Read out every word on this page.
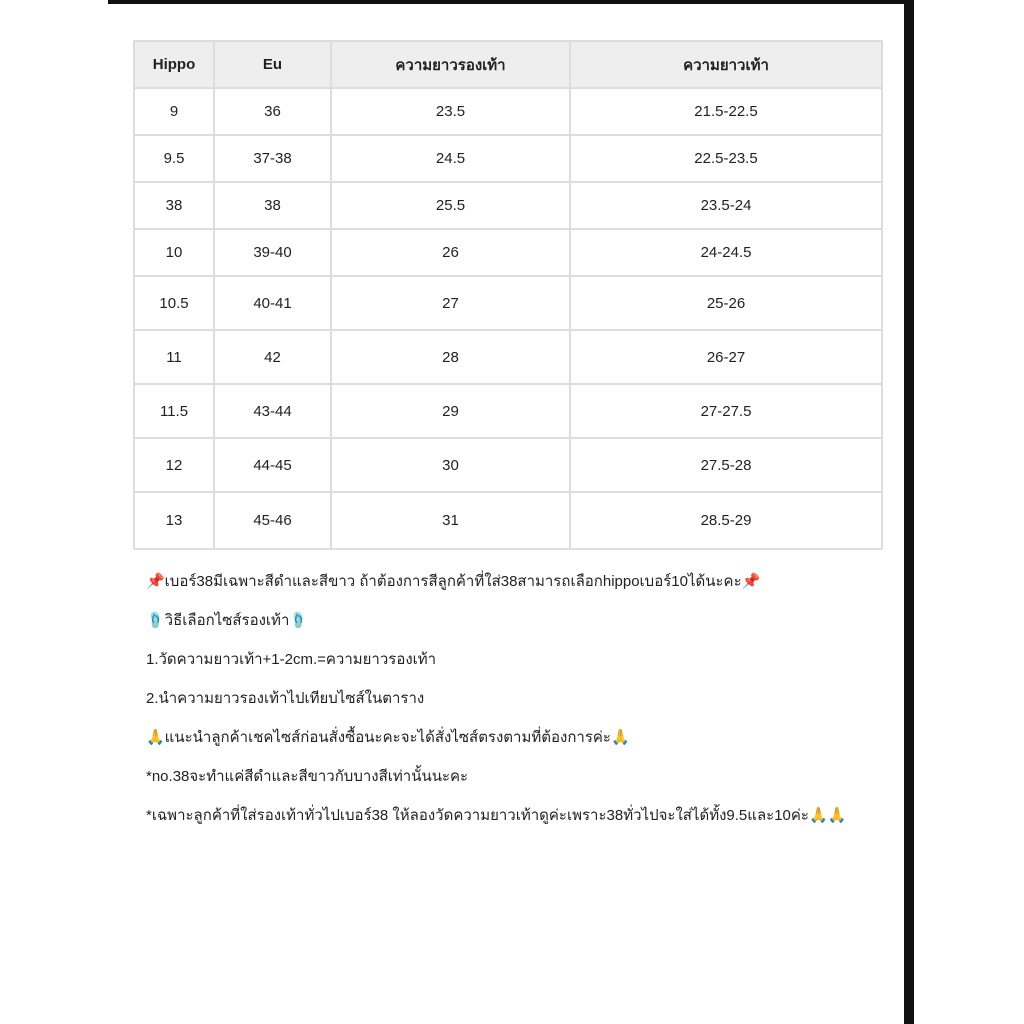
Hippo	Eu	ความยาวรองเท้า	ความยาวเท้า
9	36	23.5	21.5-22.5
9.5	37-38	24.5	22.5-23.5
38	38	25.5	23.5-24
10	39-40	26	24-24.5
10.5	40-41	27	25-26
11	42	28	26-27
11.5	43-44	29	27-27.5
12	44-45	30	27.5-28
13	45-46	31	28.5-29
📌เบอร์38มีเฉพาะสีดำและสีขาว ถ้าต้องการสีลูกค้าที่ใส่38สามารถเลือกhippoเบอร์10ได้นะคะ📌
🩴วิธีเลือกไซส์รองเท้า🩴
1.วัดความยาวเท้า+1-2cm.=ความยาวรองเท้า
2.นำความยาวรองเท้าไปเทียบไซส์ในตาราง
🙏แนะนำลูกค้าเชคไซส์ก่อนสั่งซื้อนะคะจะได้สั่งไซส์ตรงตามที่ต้องการค่ะ🙏
*no.38จะทำแค่สีดำและสีขาวกับบางสีเท่านั้นนะคะ
*เฉพาะลูกค้าที่ใส่รองเท้าทั่วไปเบอร์38 ให้ลองวัดความยาวเท้าดูค่ะเพราะ38ทั่วไปจะใส่ได้ทั้ง9.5และ10ค่ะ🙏🙏
